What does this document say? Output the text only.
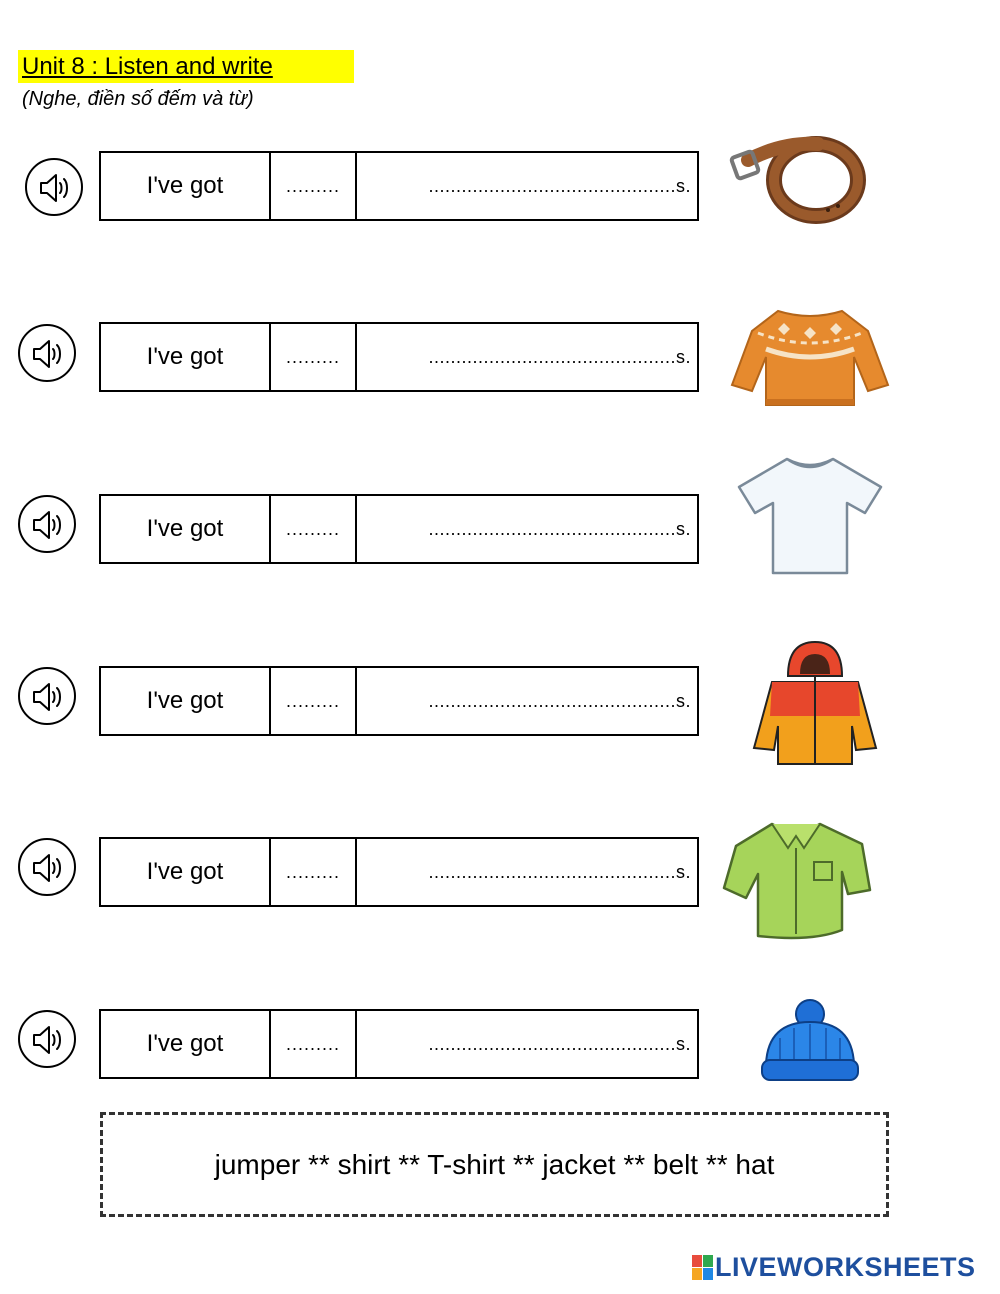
Unit 8 : Listen and write
(Nghe, điền số đếm và từ)
I've got	.........	.............................................s.
I've got	.........	.............................................s.
I've got	.........	.............................................s.
I've got	.........	.............................................s.
I've got	.........	.............................................s.
I've got	.........	.............................................s.
jumper ** shirt ** T-shirt ** jacket ** belt ** hat
LIVEWORKSHEETS
